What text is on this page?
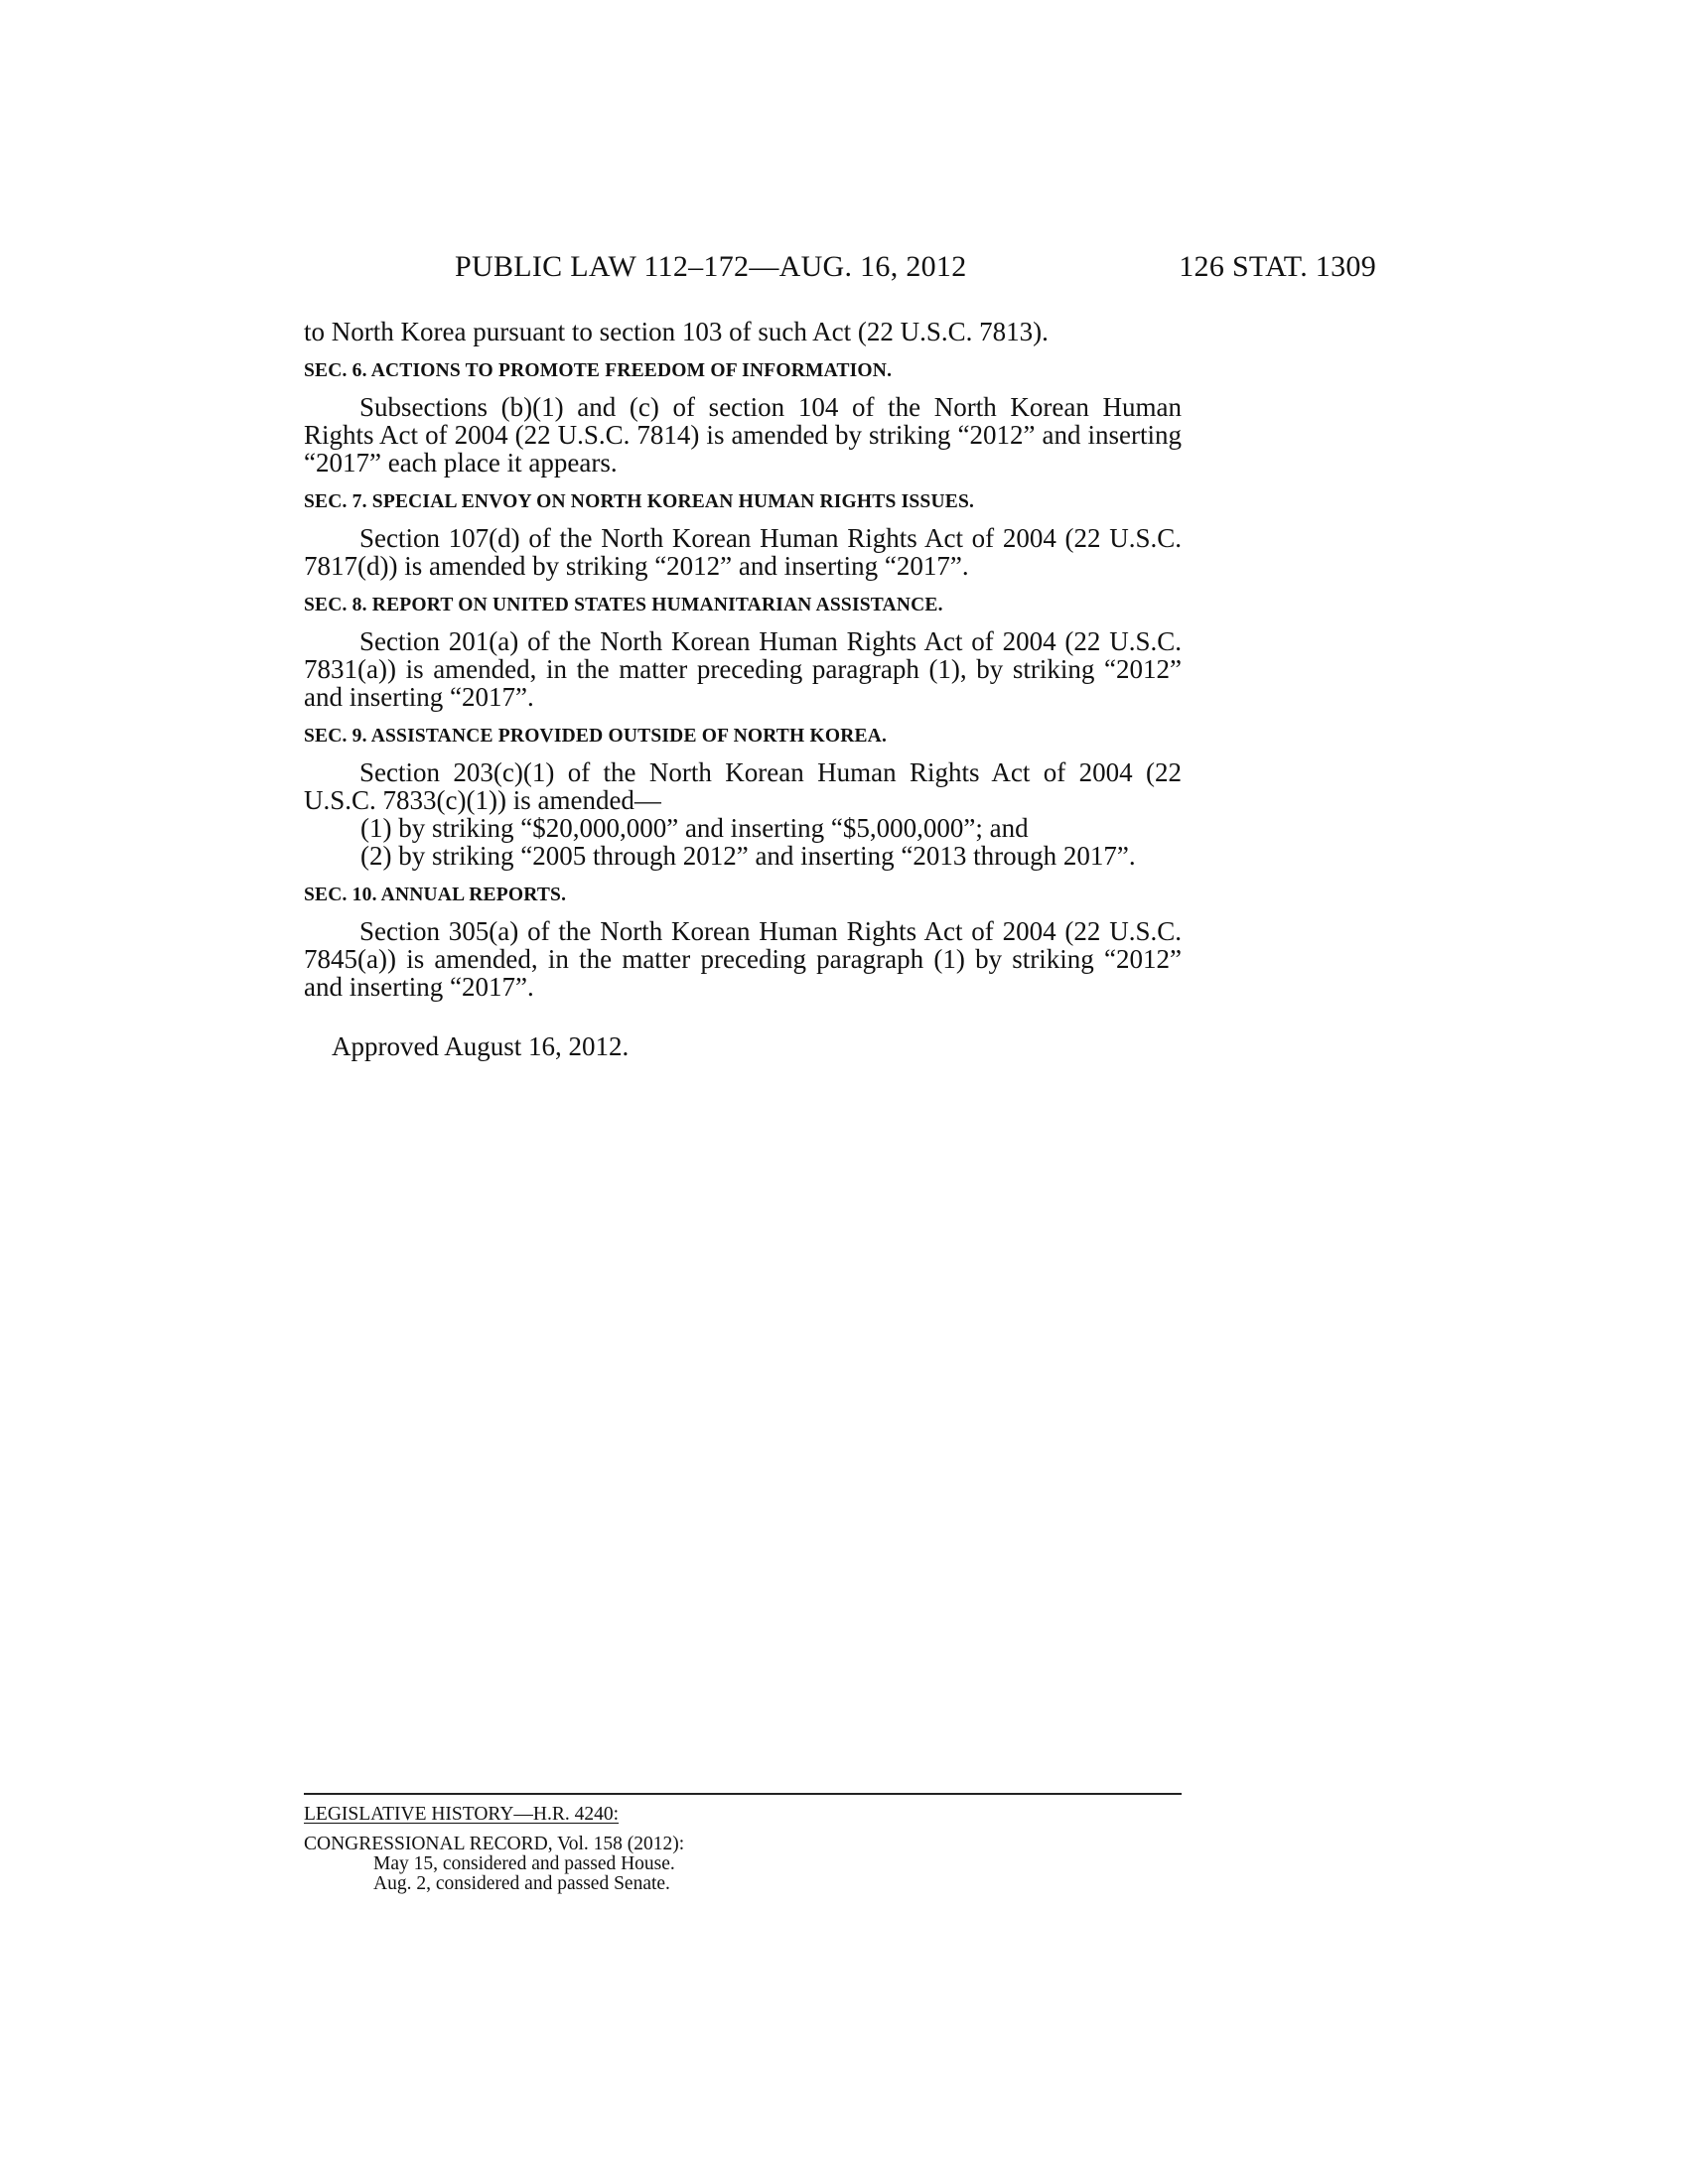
PUBLIC LAW 112–172—AUG. 16, 2012	126 STAT. 1309

to North Korea pursuant to section 103 of such Act (22 U.S.C. 7813).

SEC. 6. ACTIONS TO PROMOTE FREEDOM OF INFORMATION.

Subsections (b)(1) and (c) of section 104 of the North Korean Human Rights Act of 2004 (22 U.S.C. 7814) is amended by striking “2012” and inserting “2017” each place it appears.

SEC. 7. SPECIAL ENVOY ON NORTH KOREAN HUMAN RIGHTS ISSUES.

Section 107(d) of the North Korean Human Rights Act of 2004 (22 U.S.C. 7817(d)) is amended by striking “2012” and inserting “2017”.

SEC. 8. REPORT ON UNITED STATES HUMANITARIAN ASSISTANCE.

Section 201(a) of the North Korean Human Rights Act of 2004 (22 U.S.C. 7831(a)) is amended, in the matter preceding paragraph (1), by striking “2012” and inserting “2017”.

SEC. 9. ASSISTANCE PROVIDED OUTSIDE OF NORTH KOREA.

Section 203(c)(1) of the North Korean Human Rights Act of 2004 (22 U.S.C. 7833(c)(1)) is amended—

(1) by striking “$20,000,000” and inserting “$5,000,000”; and

(2) by striking “2005 through 2012” and inserting “2013 through 2017”.

SEC. 10. ANNUAL REPORTS.

Section 305(a) of the North Korean Human Rights Act of 2004 (22 U.S.C. 7845(a)) is amended, in the matter preceding paragraph (1) by striking “2012” and inserting “2017”.

Approved August 16, 2012.

LEGISLATIVE HISTORY—H.R. 4240:

CONGRESSIONAL RECORD, Vol. 158 (2012):

May 15, considered and passed House.

Aug. 2, considered and passed Senate.
